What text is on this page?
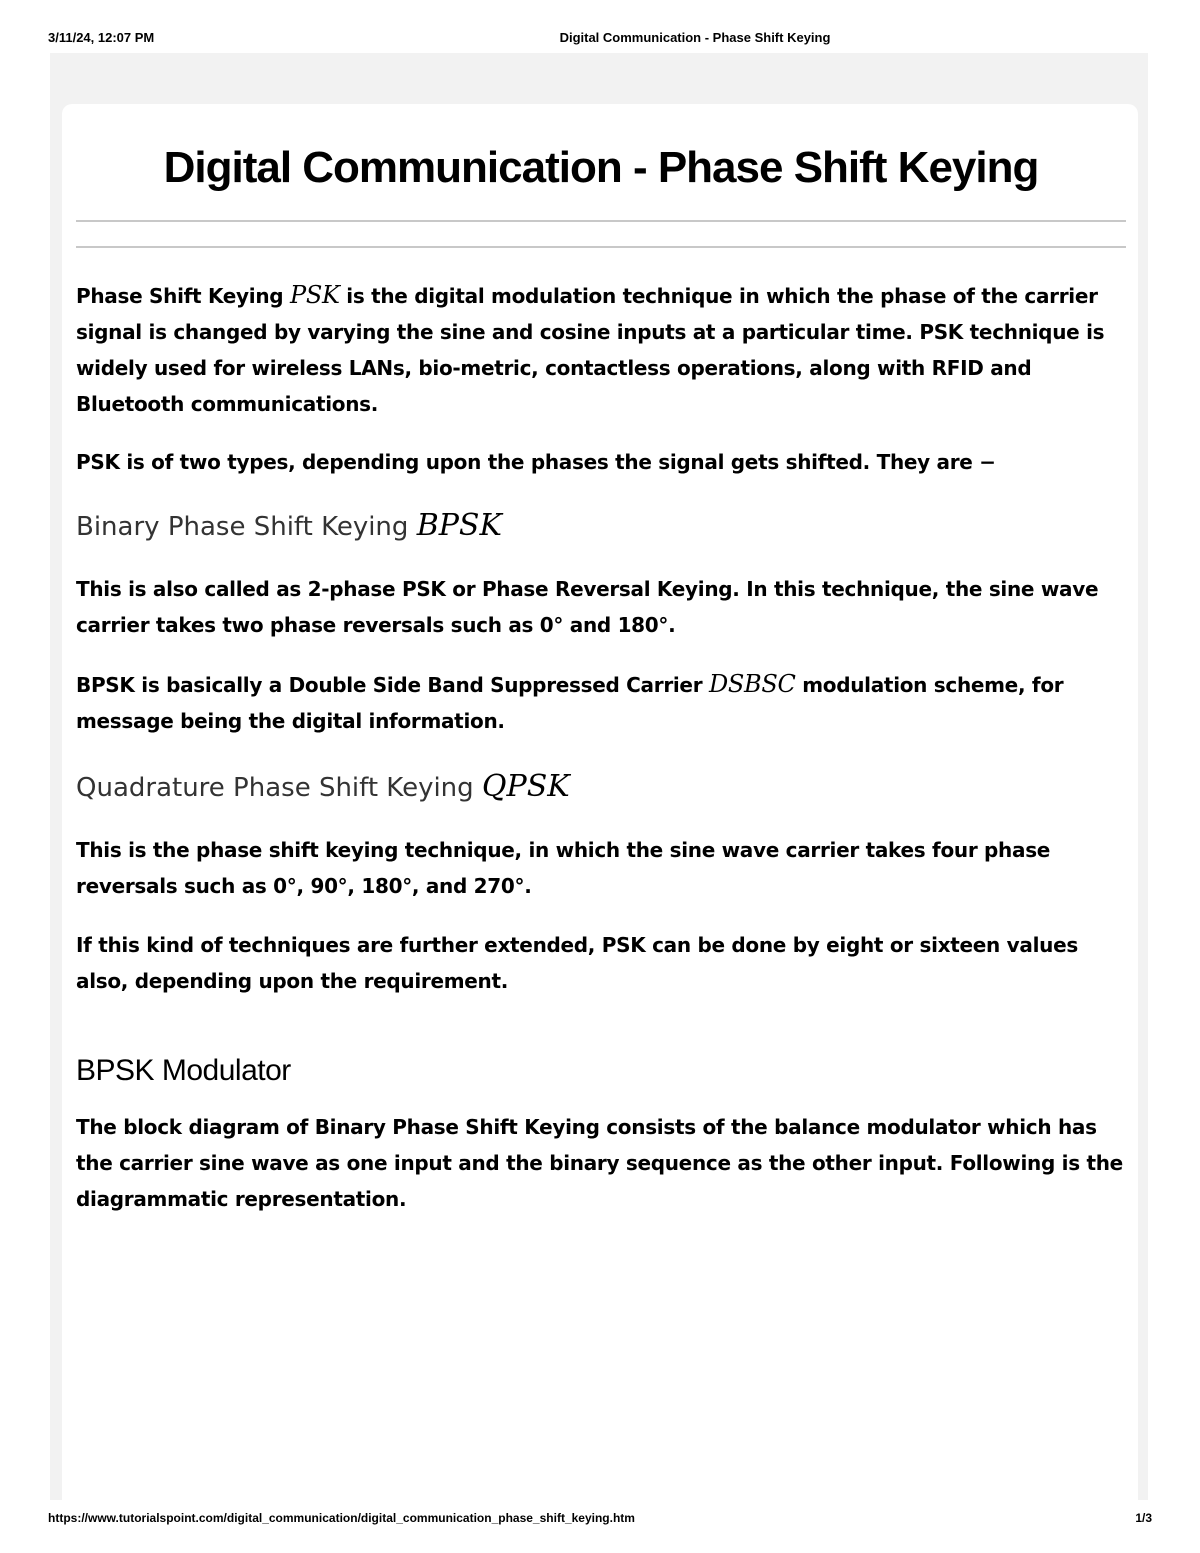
3/11/24, 12:07 PM	Digital Communication - Phase Shift Keying
Digital Communication - Phase Shift Keying

Phase Shift Keying PSK is the digital modulation technique in which the phase of the carrier signal is changed by varying the sine and cosine inputs at a particular time. PSK technique is widely used for wireless LANs, bio-metric, contactless operations, along with RFID and Bluetooth communications.

PSK is of two types, depending upon the phases the signal gets shifted. They are −

Binary Phase Shift Keying BPSK

This is also called as 2-phase PSK or Phase Reversal Keying. In this technique, the sine wave carrier takes two phase reversals such as 0° and 180°.

BPSK is basically a Double Side Band Suppressed Carrier DSBSC modulation scheme, for message being the digital information.

Quadrature Phase Shift Keying QPSK

This is the phase shift keying technique, in which the sine wave carrier takes four phase reversals such as 0°, 90°, 180°, and 270°.

If this kind of techniques are further extended, PSK can be done by eight or sixteen values also, depending upon the requirement.

BPSK Modulator

The block diagram of Binary Phase Shift Keying consists of the balance modulator which has the carrier sine wave as one input and the binary sequence as the other input. Following is the diagrammatic representation.

https://www.tutorialspoint.com/digital_communication/digital_communication_phase_shift_keying.htm	1/3
